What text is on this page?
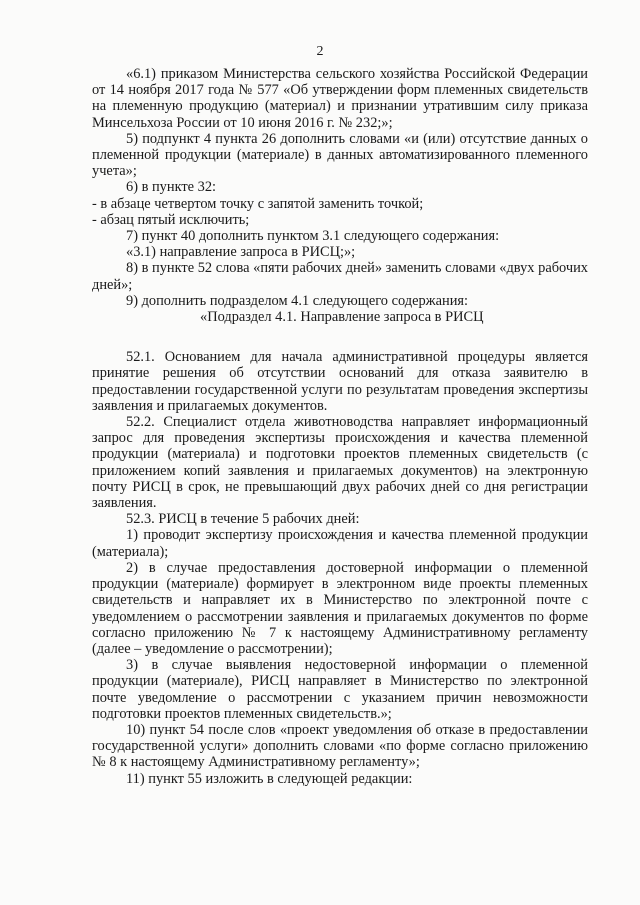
2

«6.1) приказом Министерства сельского хозяйства Российской Федерации от 14 ноября 2017 года № 577 «Об утверждении форм племенных свидетельств на племенную продукцию (материал) и признании утратившим силу приказа Минсельхоза России от 10 июня 2016 г. № 232;»;

5) подпункт 4 пункта 26 дополнить словами «и (или) отсутствие данных о племенной продукции (материале) в данных автоматизированного племенного учета»;

6) в пункте 32:

- в абзаце четвертом точку с запятой заменить точкой;

- абзац пятый исключить;

7) пункт 40 дополнить пунктом 3.1 следующего содержания:

«3.1) направление запроса в РИСЦ;»;

8) в пункте 52 слова «пяти рабочих дней» заменить словами «двух рабочих дней»;

9) дополнить подразделом 4.1 следующего содержания:

«Подраздел 4.1. Направление запроса в РИСЦ

52.1. Основанием для начала административной процедуры является принятие решения об отсутствии оснований для отказа заявителю в предоставлении государственной услуги по результатам проведения экспертизы заявления и прилагаемых документов.

52.2. Специалист отдела животноводства направляет информационный запрос для проведения экспертизы происхождения и качества племенной продукции (материала) и подготовки проектов племенных свидетельств (с приложением копий заявления и прилагаемых документов) на электронную почту РИСЦ в срок, не превышающий двух рабочих дней со дня регистрации заявления.

52.3. РИСЦ в течение 5 рабочих дней:

1) проводит экспертизу происхождения и качества племенной продукции (материала);

2) в случае предоставления достоверной информации о племенной продукции (материале) формирует в электронном виде проекты племенных свидетельств и направляет их в Министерство по электронной почте с уведомлением о рассмотрении заявления и прилагаемых документов по форме согласно приложению № 7 к настоящему Административному регламенту (далее – уведомление о рассмотрении);

3) в случае выявления недостоверной информации о племенной продукции (материале), РИСЦ направляет в Министерство по электронной почте уведомление о рассмотрении с указанием причин невозможности подготовки проектов племенных свидетельств.»;

10) пункт 54 после слов «проект уведомления об отказе в предоставлении государственной услуги» дополнить словами «по форме согласно приложению № 8 к настоящему Административному регламенту»;

11) пункт 55 изложить в следующей редакции:
